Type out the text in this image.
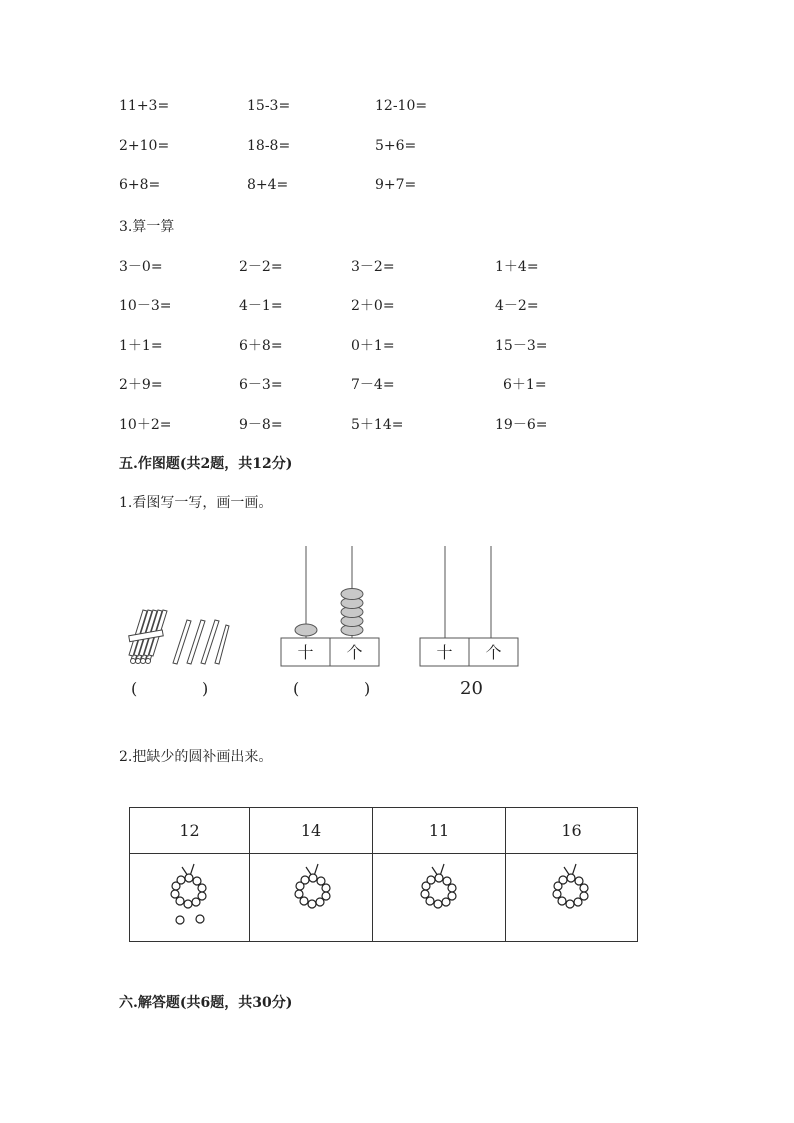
11+3=	15-3=	12-10=
2+10=	18-8=	5+6=
6+8=	8+4=	9+7=
3.算一算
3－0=	2－2=	3－2=	1＋4=
10－3=	4－1=	2＋0=	4－2=
1＋1=	6＋8=	0＋1=	15－3=
2＋9=	6－3=	7－4=	6＋1=
10＋2=	9－8=	5＋14=	19－6=
五.作图题(共2题，共12分)
1.看图写一写，画一画。
(	)
十	个
(	)
十	个
20
2.把缺少的圆补画出来。
12	14	11	16

六.解答题(共6题，共30分)
